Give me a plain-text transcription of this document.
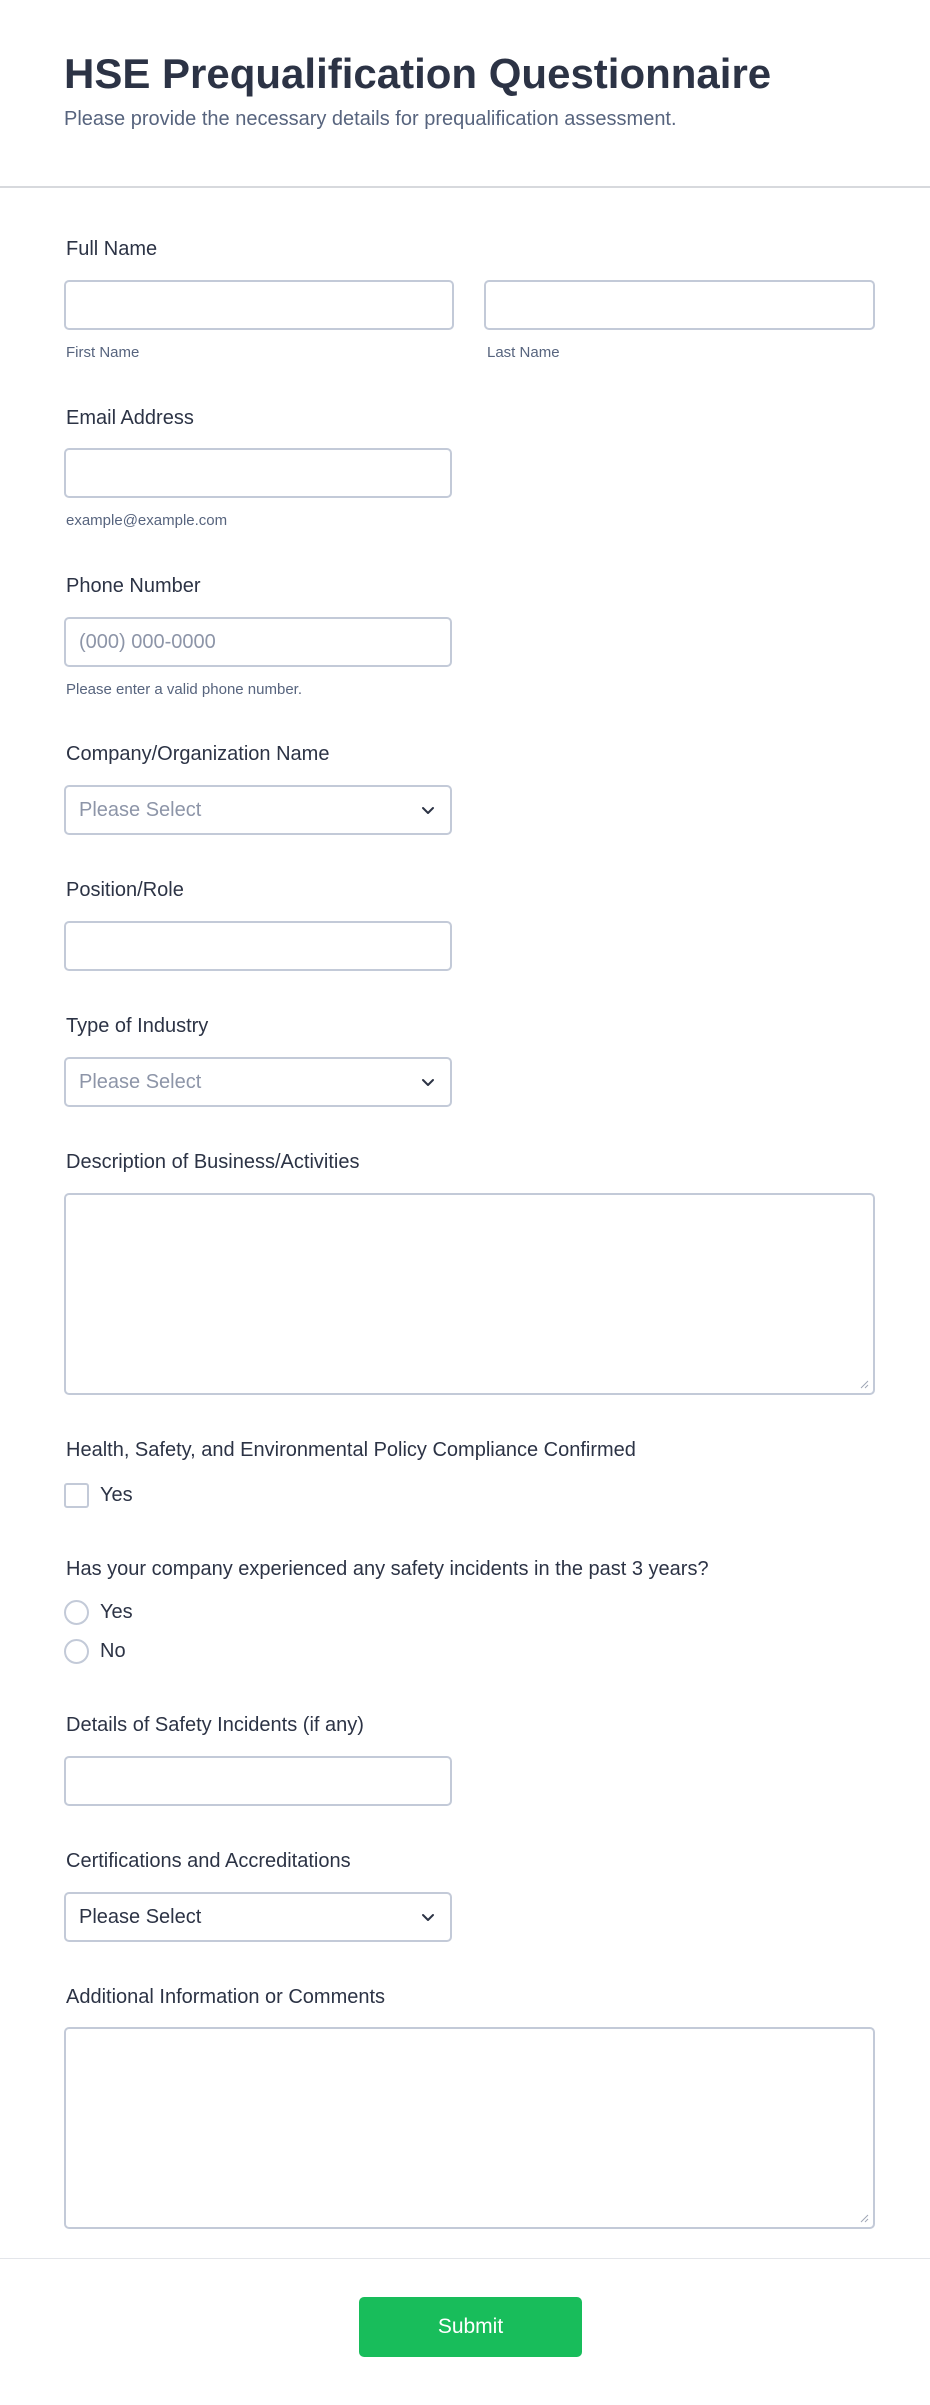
HSE Prequalification Questionnaire
Please provide the necessary details for prequalification assessment.
Full Name
First Name	Last Name
Email Address
example@example.com
Phone Number
(000) 000-0000
Please enter a valid phone number.
Company/Organization Name
Please Select
Position/Role
Type of Industry
Please Select
Description of Business/Activities
Health, Safety, and Environmental Policy Compliance Confirmed
Yes
Has your company experienced any safety incidents in the past 3 years?
Yes
No
Details of Safety Incidents (if any)
Certifications and Accreditations
Please Select
Additional Information or Comments
Submit
